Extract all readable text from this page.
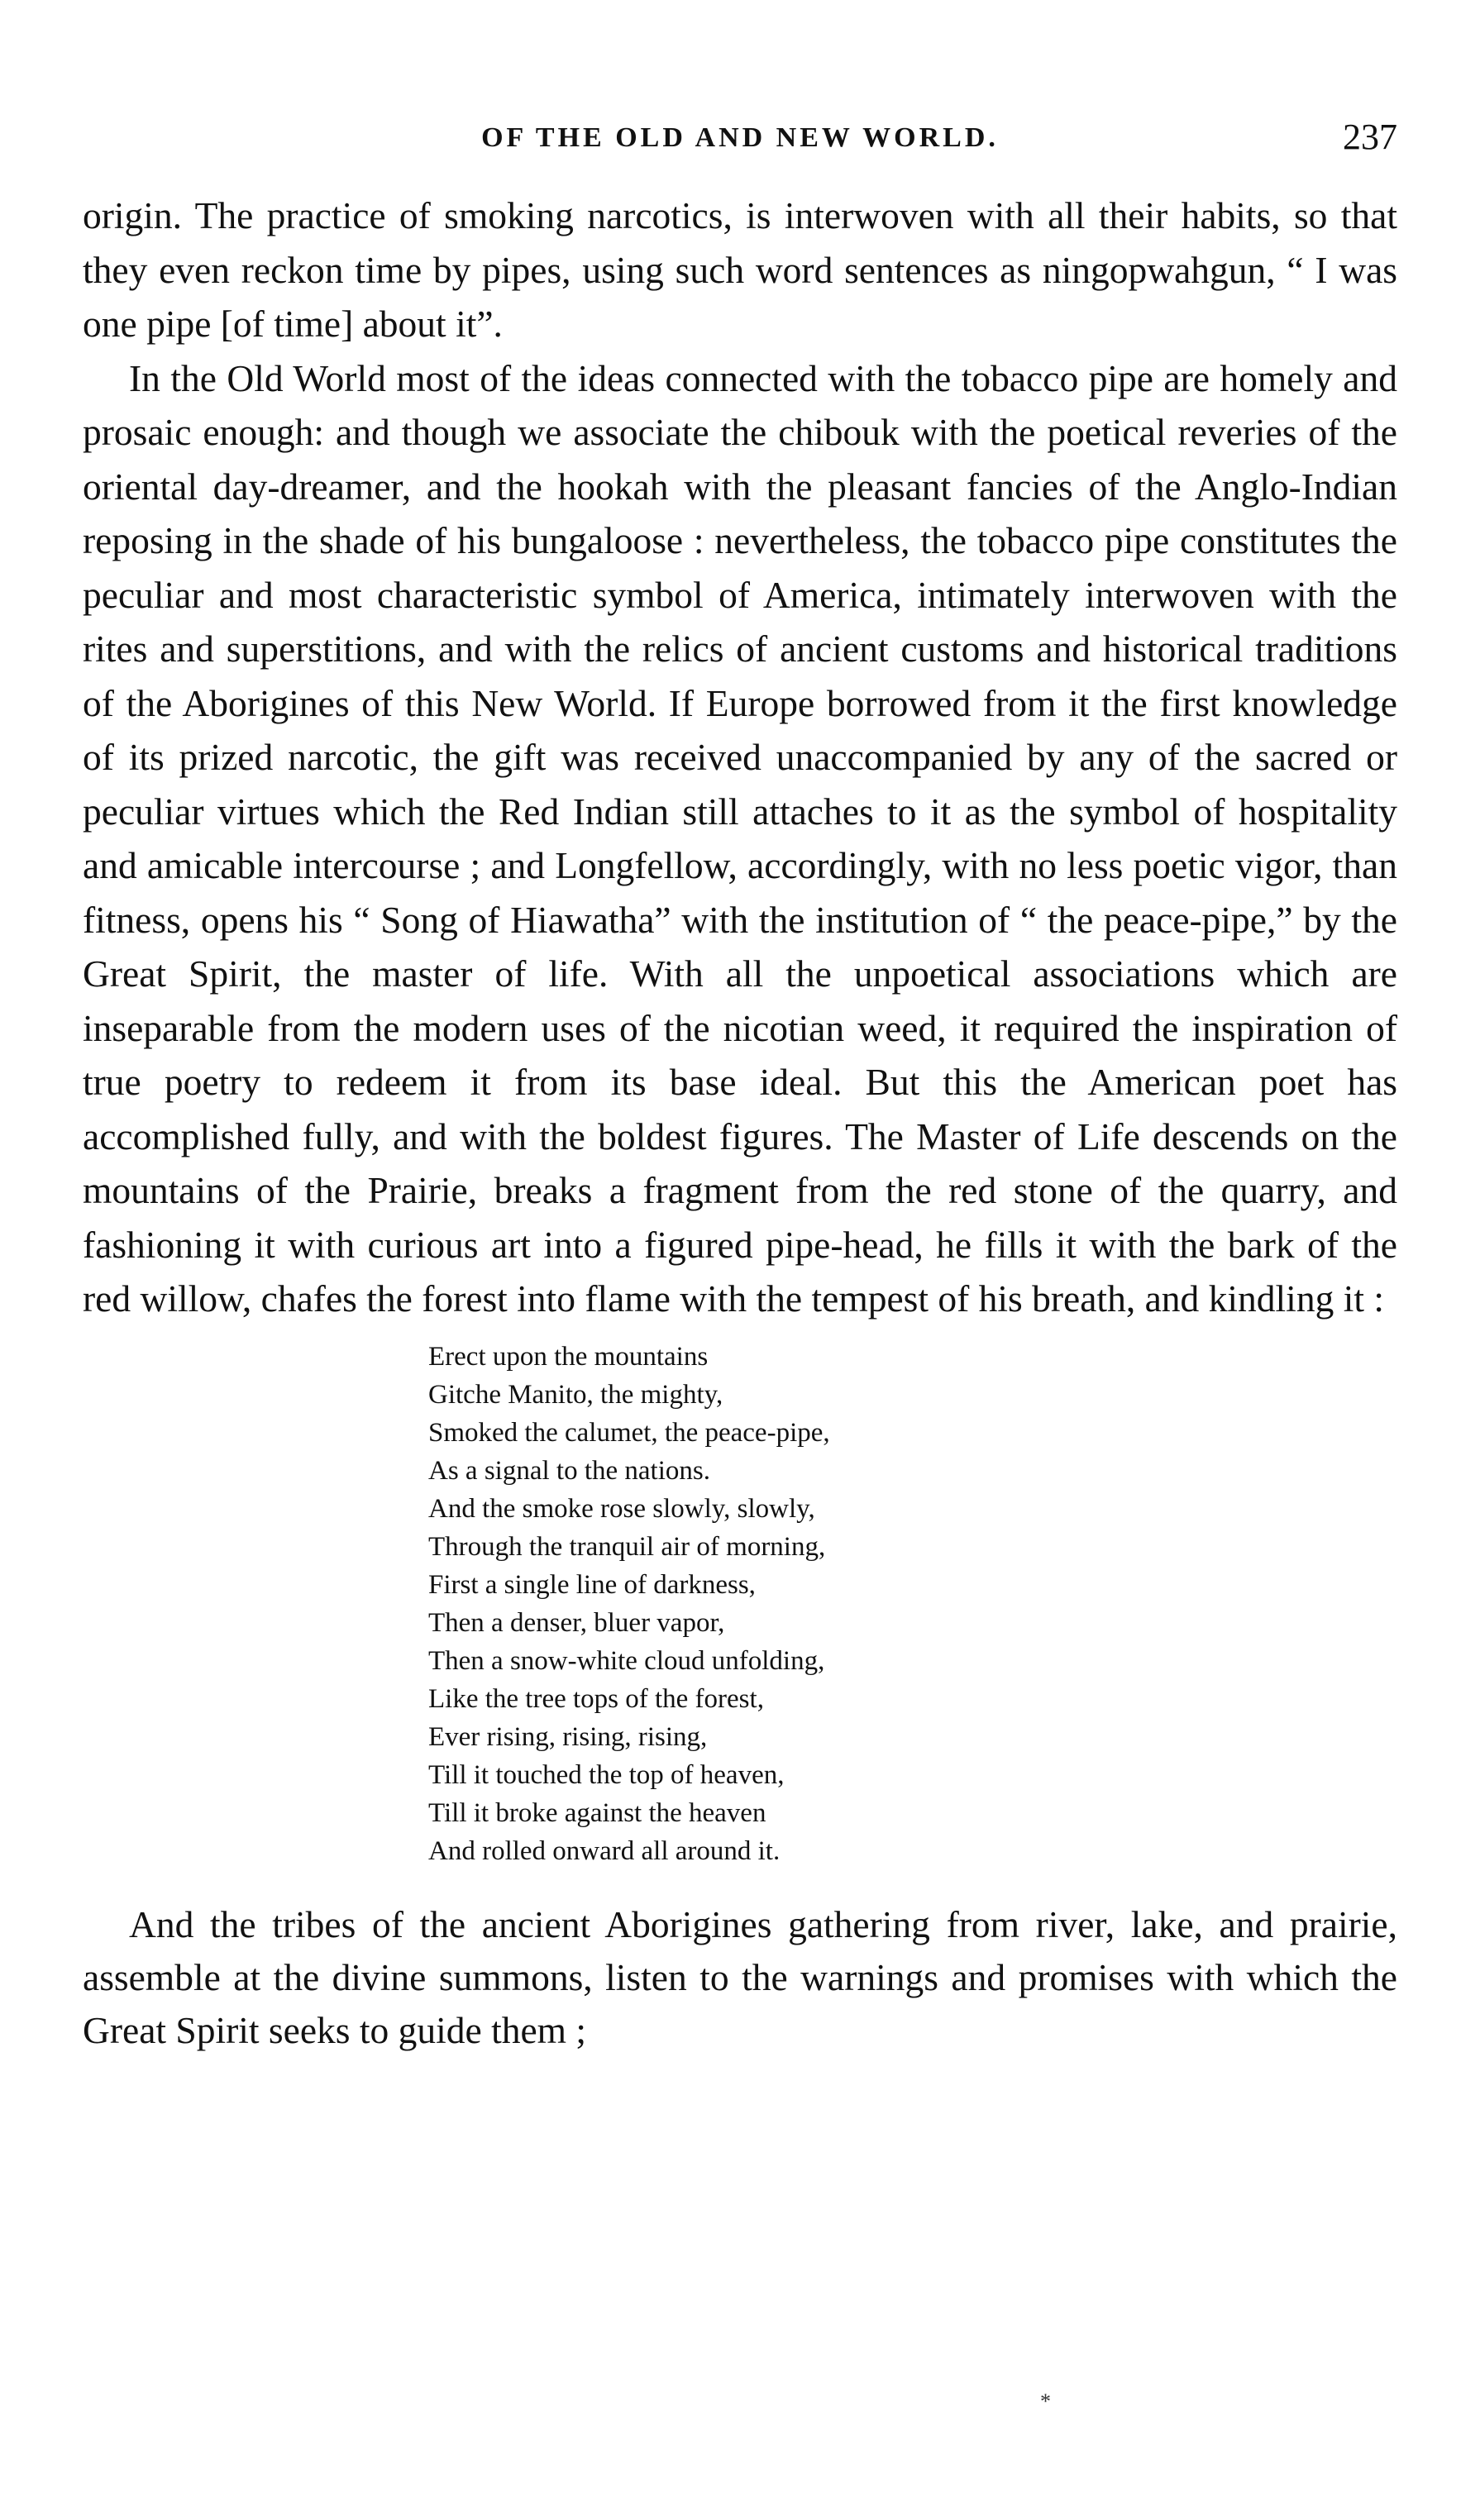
OF THE OLD AND NEW WORLD.	237

origin. The practice of smoking narcotics, is interwoven with all their habits, so that they even reckon time by pipes, using such word sentences as ningopwahgun, “ I was one pipe [of time] about it”.

In the Old World most of the ideas connected with the tobacco pipe are homely and prosaic enough: and though we associate the chibouk with the poetical reveries of the oriental day-dreamer, and the hookah with the pleasant fancies of the Anglo-Indian reposing in the shade of his bungaloose : nevertheless, the tobacco pipe constitutes the peculiar and most characteristic symbol of America, intimately interwoven with the rites and superstitions, and with the relics of ancient customs and historical traditions of the Aborigines of this New World. If Europe borrowed from it the first knowledge of its prized narcotic, the gift was received unaccompanied by any of the sacred or peculiar virtues which the Red Indian still attaches to it as the symbol of hospitality and amicable intercourse ; and Longfellow, accordingly, with no less poetic vigor, than fitness, opens his “ Song of Hiawatha” with the institution of “ the peace-pipe,” by the Great Spirit, the master of life. With all the unpoetical associations which are inseparable from the modern uses of the nicotian weed, it required the inspiration of true poetry to redeem it from its base ideal. But this the American poet has accomplished fully, and with the boldest figures. The Master of Life descends on the mountains of the Prairie, breaks a fragment from the red stone of the quarry, and fashioning it with curious art into a figured pipe-head, he fills it with the bark of the red willow, chafes the forest into flame with the tempest of his breath, and kindling it :

Erect upon the mountains
Gitche Manito, the mighty,
Smoked the calumet, the peace-pipe,
As a signal to the nations.
And the smoke rose slowly, slowly,
Through the tranquil air of morning,
First a single line of darkness,
Then a denser, bluer vapor,
Then a snow-white cloud unfolding,
Like the tree tops of the forest,
Ever rising, rising, rising,
Till it touched the top of heaven,
Till it broke against the heaven
And rolled onward all around it.

And the tribes of the ancient Aborigines gathering from river, lake, and prairie, assemble at the divine summons, listen to the warnings and promises with which the Great Spirit seeks to guide them ;

*
